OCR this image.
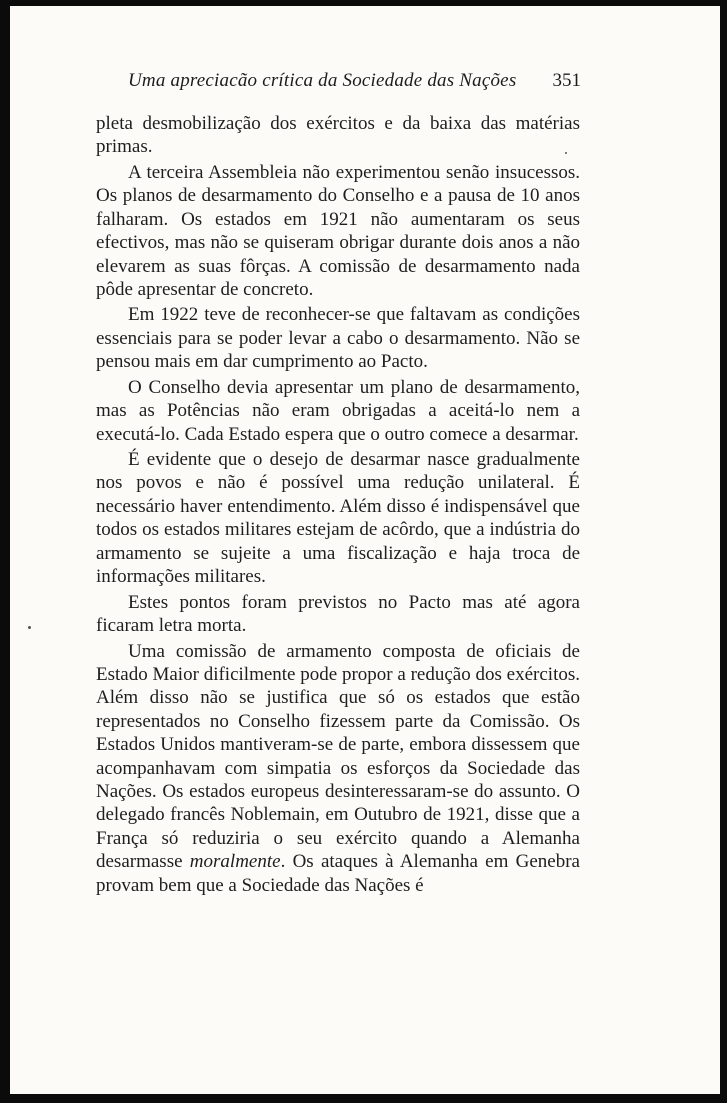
Uma apreciacão crítica da Sociedade das Nações 351

pleta desmobilização dos exércitos e da baixa das matérias primas.

A terceira Assembleia não experimentou senão insucessos. Os planos de desarmamento do Conselho e a pausa de 10 anos falharam. Os estados em 1921 não aumentaram os seus efectivos, mas não se quiseram obrigar durante dois anos a não elevarem as suas fôrças. A comissão de desarmamento nada pôde apresentar de concreto.

Em 1922 teve de reconhecer-se que faltavam as condições essenciais para se poder levar a cabo o desarmamento. Não se pensou mais em dar cumprimento ao Pacto.

O Conselho devia apresentar um plano de desarmamento, mas as Potências não eram obrigadas a aceitá-lo nem a executá-lo. Cada Estado espera que o outro comece a desarmar.

É evidente que o desejo de desarmar nasce gradualmente nos povos e não é possível uma redução unilateral. É necessário haver entendimento. Além disso é indispensável que todos os estados militares estejam de acôrdo, que a indústria do armamento se sujeite a uma fiscalização e haja troca de informações militares.

Estes pontos foram previstos no Pacto mas até agora ficaram letra morta.

Uma comissão de armamento composta de oficiais de Estado Maior dificilmente pode propor a redução dos exércitos. Além disso não se justifica que só os estados que estão representados no Conselho fizessem parte da Comissão. Os Estados Unidos mantiveram-se de parte, embora dissessem que acompanhavam com simpatia os esforços da Sociedade das Nações. Os estados europeus desinteressaram-se do assunto. O delegado francês Noblemain, em Outubro de 1921, disse que a França só reduziria o seu exército quando a Alemanha desarmasse moralmente. Os ataques à Alemanha em Genebra provam bem que a Sociedade das Nações é
